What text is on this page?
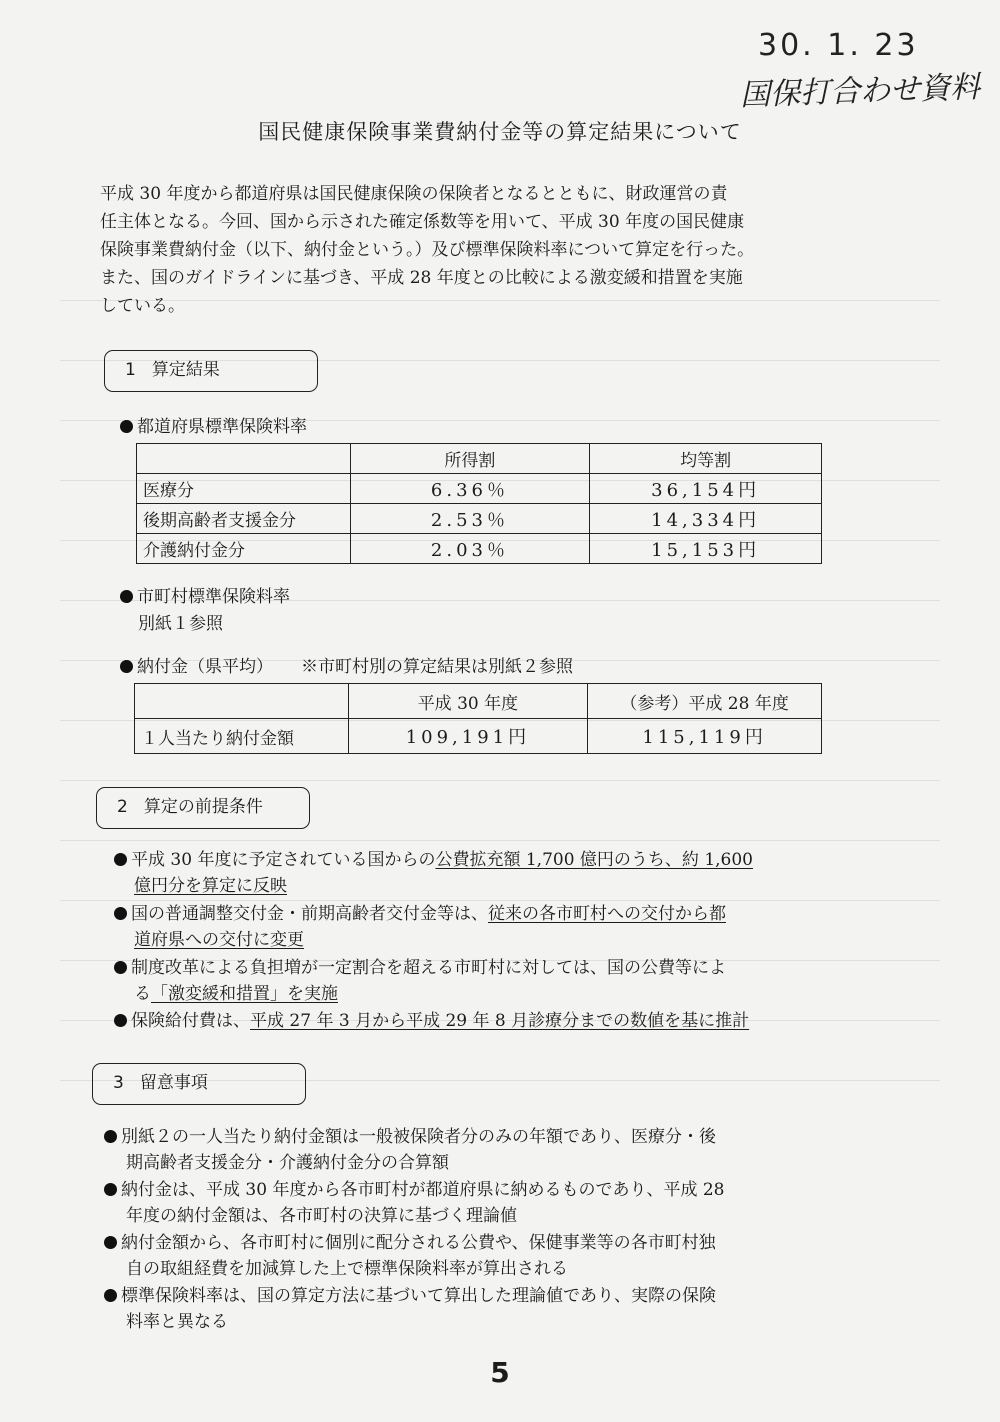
30. 1. 23
国保打合わせ資料
国民健康保険事業費納付金等の算定結果について

平成 30 年度から都道府県は国民健康保険の保険者となるとともに、財政運営の責

任主体となる。今回、国から示された確定係数等を用いて、平成 30 年度の国民健康

保険事業費納付金（以下、納付金という。）及び標準保険料率について算定を行った。

また、国のガイドラインに基づき、平成 28 年度との比較による激変緩和措置を実施

している。

1 算定結果
都道府県標準保険料率
	所得割	均等割
医療分	6.36％	36,154円
後期高齢者支援金分	2.53％	14,334円
介護納付金分	2.03％	15,153円
市町村標準保険料率
別紙１参照
納付金（県平均） ※市町村別の算定結果は別紙２参照
	平成 30 年度	（参考）平成 28 年度
１人当たり納付金額	109,191円	115,119円
2 算定の前提条件
平成 30 年度に予定されている国からの公費拡充額 1,700 億円のうち、約 1,600
億円分を算定に反映
国の普通調整交付金・前期高齢者交付金等は、従来の各市町村への交付から都
道府県への交付に変更
制度改革による負担増が一定割合を超える市町村に対しては、国の公費等によ
る「激変緩和措置」を実施
保険給付費は、平成 27 年 3 月から平成 29 年 8 月診療分までの数値を基に推計
3 留意事項

別紙２の一人当たり納付金額は一般被保険者分のみの年額であり、医療分・後

期高齢者支援金分・介護納付金分の合算額

納付金は、平成 30 年度から各市町村が都道府県に納めるものであり、平成 28

年度の納付金額は、各市町村の決算に基づく理論値

納付金額から、各市町村に個別に配分される公費や、保健事業等の各市町村独

自の取組経費を加減算した上で標準保険料率が算出される

標準保険料率は、国の算定方法に基づいて算出した理論値であり、実際の保険

料率と異なる

5
